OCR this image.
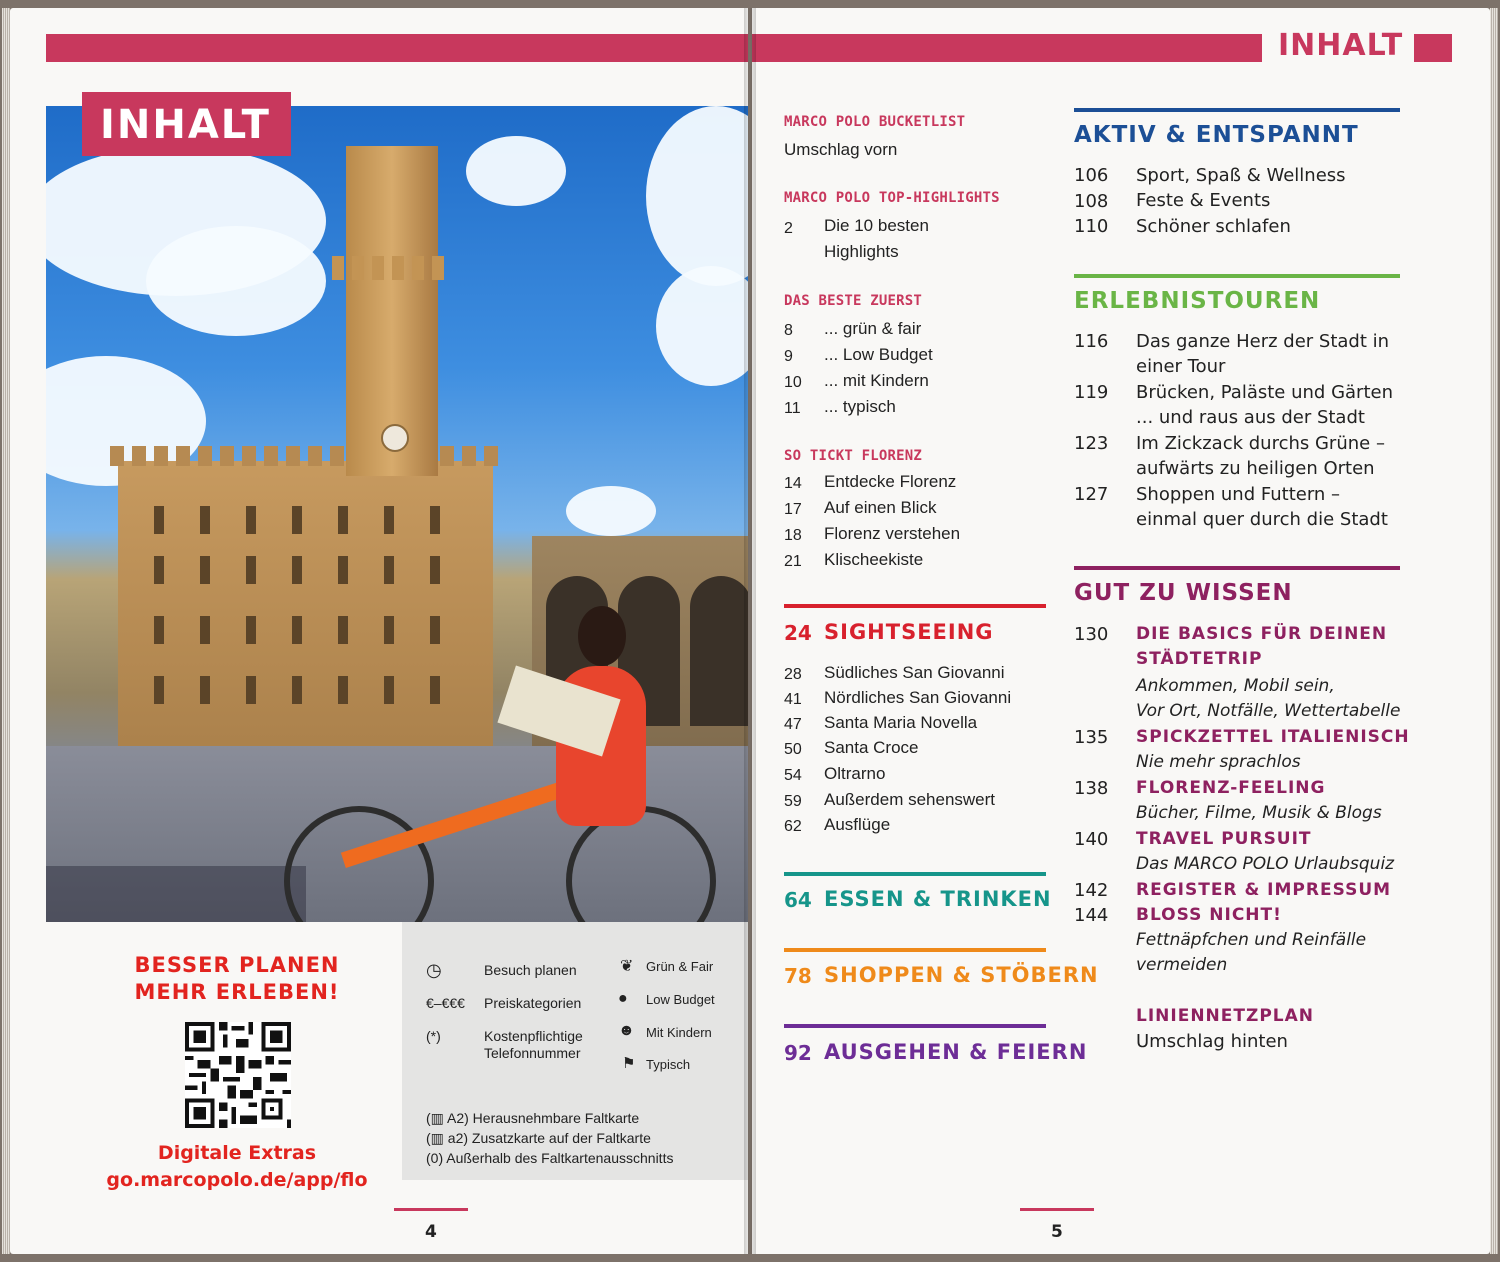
INHALT
BESSER PLANEN
MEHR ERLEBEN!
Digitale Extras
go.marcopolo.de/app/flo
◷	Besuch planen
€–€€€	Preiskategorien
(*)	Kostenpflichtige Telefonnummer
❦ Grün & Fair
● Low Budget
☻ Mit Kindern
⚑ Typisch
(▥ A2) Herausnehmbare Faltkarte
(▥ a2) Zusatzkarte auf der Faltkarte
(0) Außerhalb des Faltkartenausschnitts
4
INHALT
MARCO POLO BUCKETLIST
Umschlag vorn
MARCO POLO TOP-HIGHLIGHTS
2 Die 10 besten
Highlights
DAS BESTE ZUERST
8 ... grün & fair
9 ... Low Budget
10 ... mit Kindern
11 ... typisch
SO TICKT FLORENZ
14 Entdecke Florenz
17 Auf einen Blick
18 Florenz verstehen
21 Klischeekiste
24 SIGHTSEEING
28 Südliches San Giovanni
41 Nördliches San Giovanni
47 Santa Maria Novella
50 Santa Croce
54 Oltrarno
59 Außerdem sehenswert
62 Ausflüge
64 ESSEN & TRINKEN
78 SHOPPEN & STÖBERN
92 AUSGEHEN & FEIERN
AKTIV & ENTSPANNT
106 Sport, Spaß & Wellness
108 Feste & Events
110 Schöner schlafen
ERLEBNISTOUREN
116 Das ganze Herz der Stadt in
einer Tour
119 Brücken, Paläste und Gärten
... und raus aus der Stadt
123 Im Zickzack durchs Grüne –
aufwärts zu heiligen Orten
127 Shoppen und Futtern –
einmal quer durch die Stadt
GUT ZU WISSEN
130 DIE BASICS FÜR DEINEN
STÄDTETRIP
Ankommen, Mobil sein,
Vor Ort, Notfälle, Wettertabelle
135 SPICKZETTEL ITALIENISCH
Nie mehr sprachlos
138 FLORENZ-FEELING
Bücher, Filme, Musik & Blogs
140 TRAVEL PURSUIT
Das MARCO POLO Urlaubsquiz
142 REGISTER & IMPRESSUM
144 BLOSS NICHT!
Fettnäpfchen und Reinfälle
vermeiden
LINIENNETZPLAN
Umschlag hinten
5
